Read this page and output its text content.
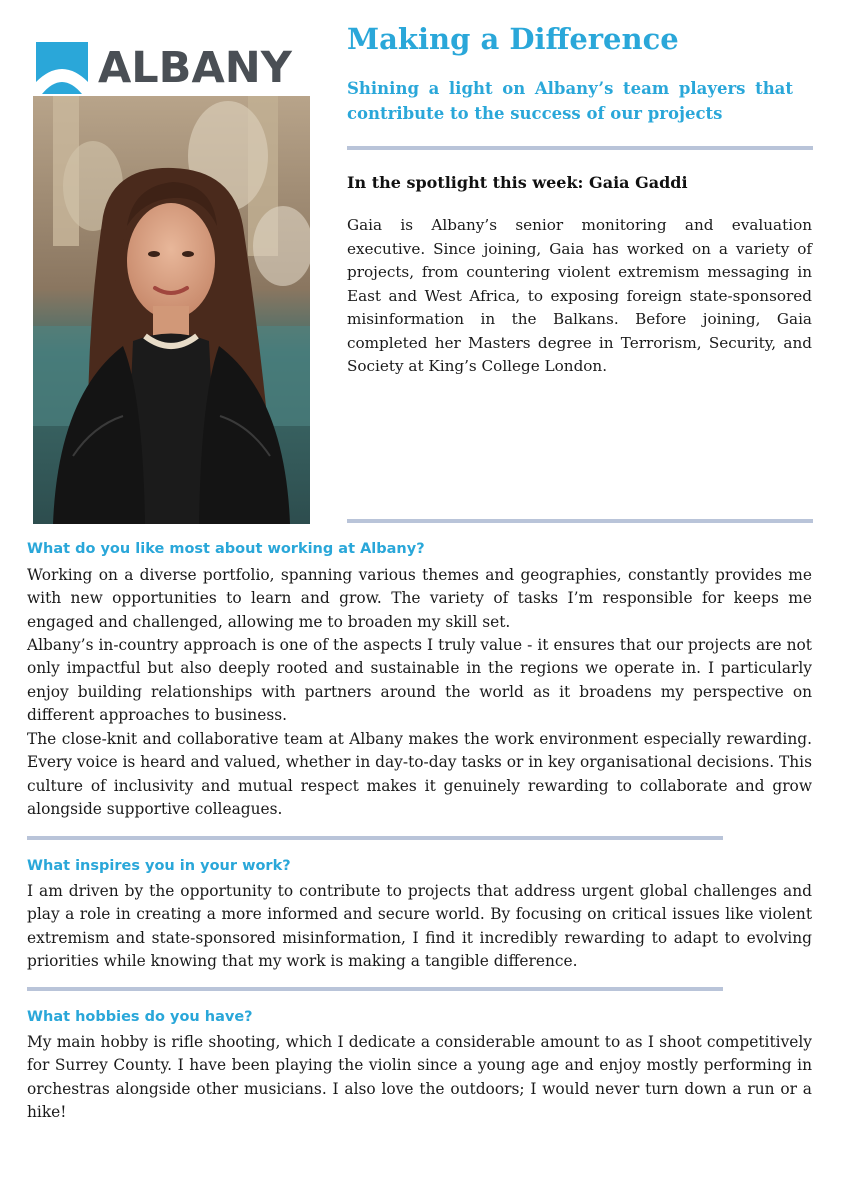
ALBANY
Making a Difference

Shining a light on Albany’s team players that contribute to the success of our projects

In the spotlight this week: Gaia Gaddi

Gaia is Albany’s senior monitoring and evaluation executive. Since joining, Gaia has worked on a variety of projects, from countering violent extremism messaging in East and West Africa, to exposing foreign state-sponsored misinformation in the Balkans. Before joining, Gaia completed her Masters degree in Terrorism, Security, and Society at King’s College London.

What do you like most about working at Albany?

Working on a diverse portfolio, spanning various themes and geographies, constantly provides me with new opportunities to learn and grow. The variety of tasks I’m responsible for keeps me engaged and challenged, allowing me to broaden my skill set.

Albany’s in-country approach is one of the aspects I truly value - it ensures that our projects are not only impactful but also deeply rooted and sustainable in the regions we operate in. I particularly enjoy building relationships with partners around the world as it broadens my perspective on different approaches to business.

The close-knit and collaborative team at Albany makes the work environment especially rewarding. Every voice is heard and valued, whether in day-to-day tasks or in key organisational decisions. This culture of inclusivity and mutual respect makes it genuinely rewarding to collaborate and grow alongside supportive colleagues.

What inspires you in your work?

I am driven by the opportunity to contribute to projects that address urgent global challenges and play a role in creating a more informed and secure world. By focusing on critical issues like violent extremism and state-sponsored misinformation, I find it incredibly rewarding to adapt to evolving priorities while knowing that my work is making a tangible difference.

What hobbies do you have?

My main hobby is rifle shooting, which I dedicate a considerable amount to as I shoot competitively for Surrey County. I have been playing the violin since a young age and enjoy mostly performing in orchestras alongside other musicians. I also love the outdoors; I would never turn down a run or a hike!
